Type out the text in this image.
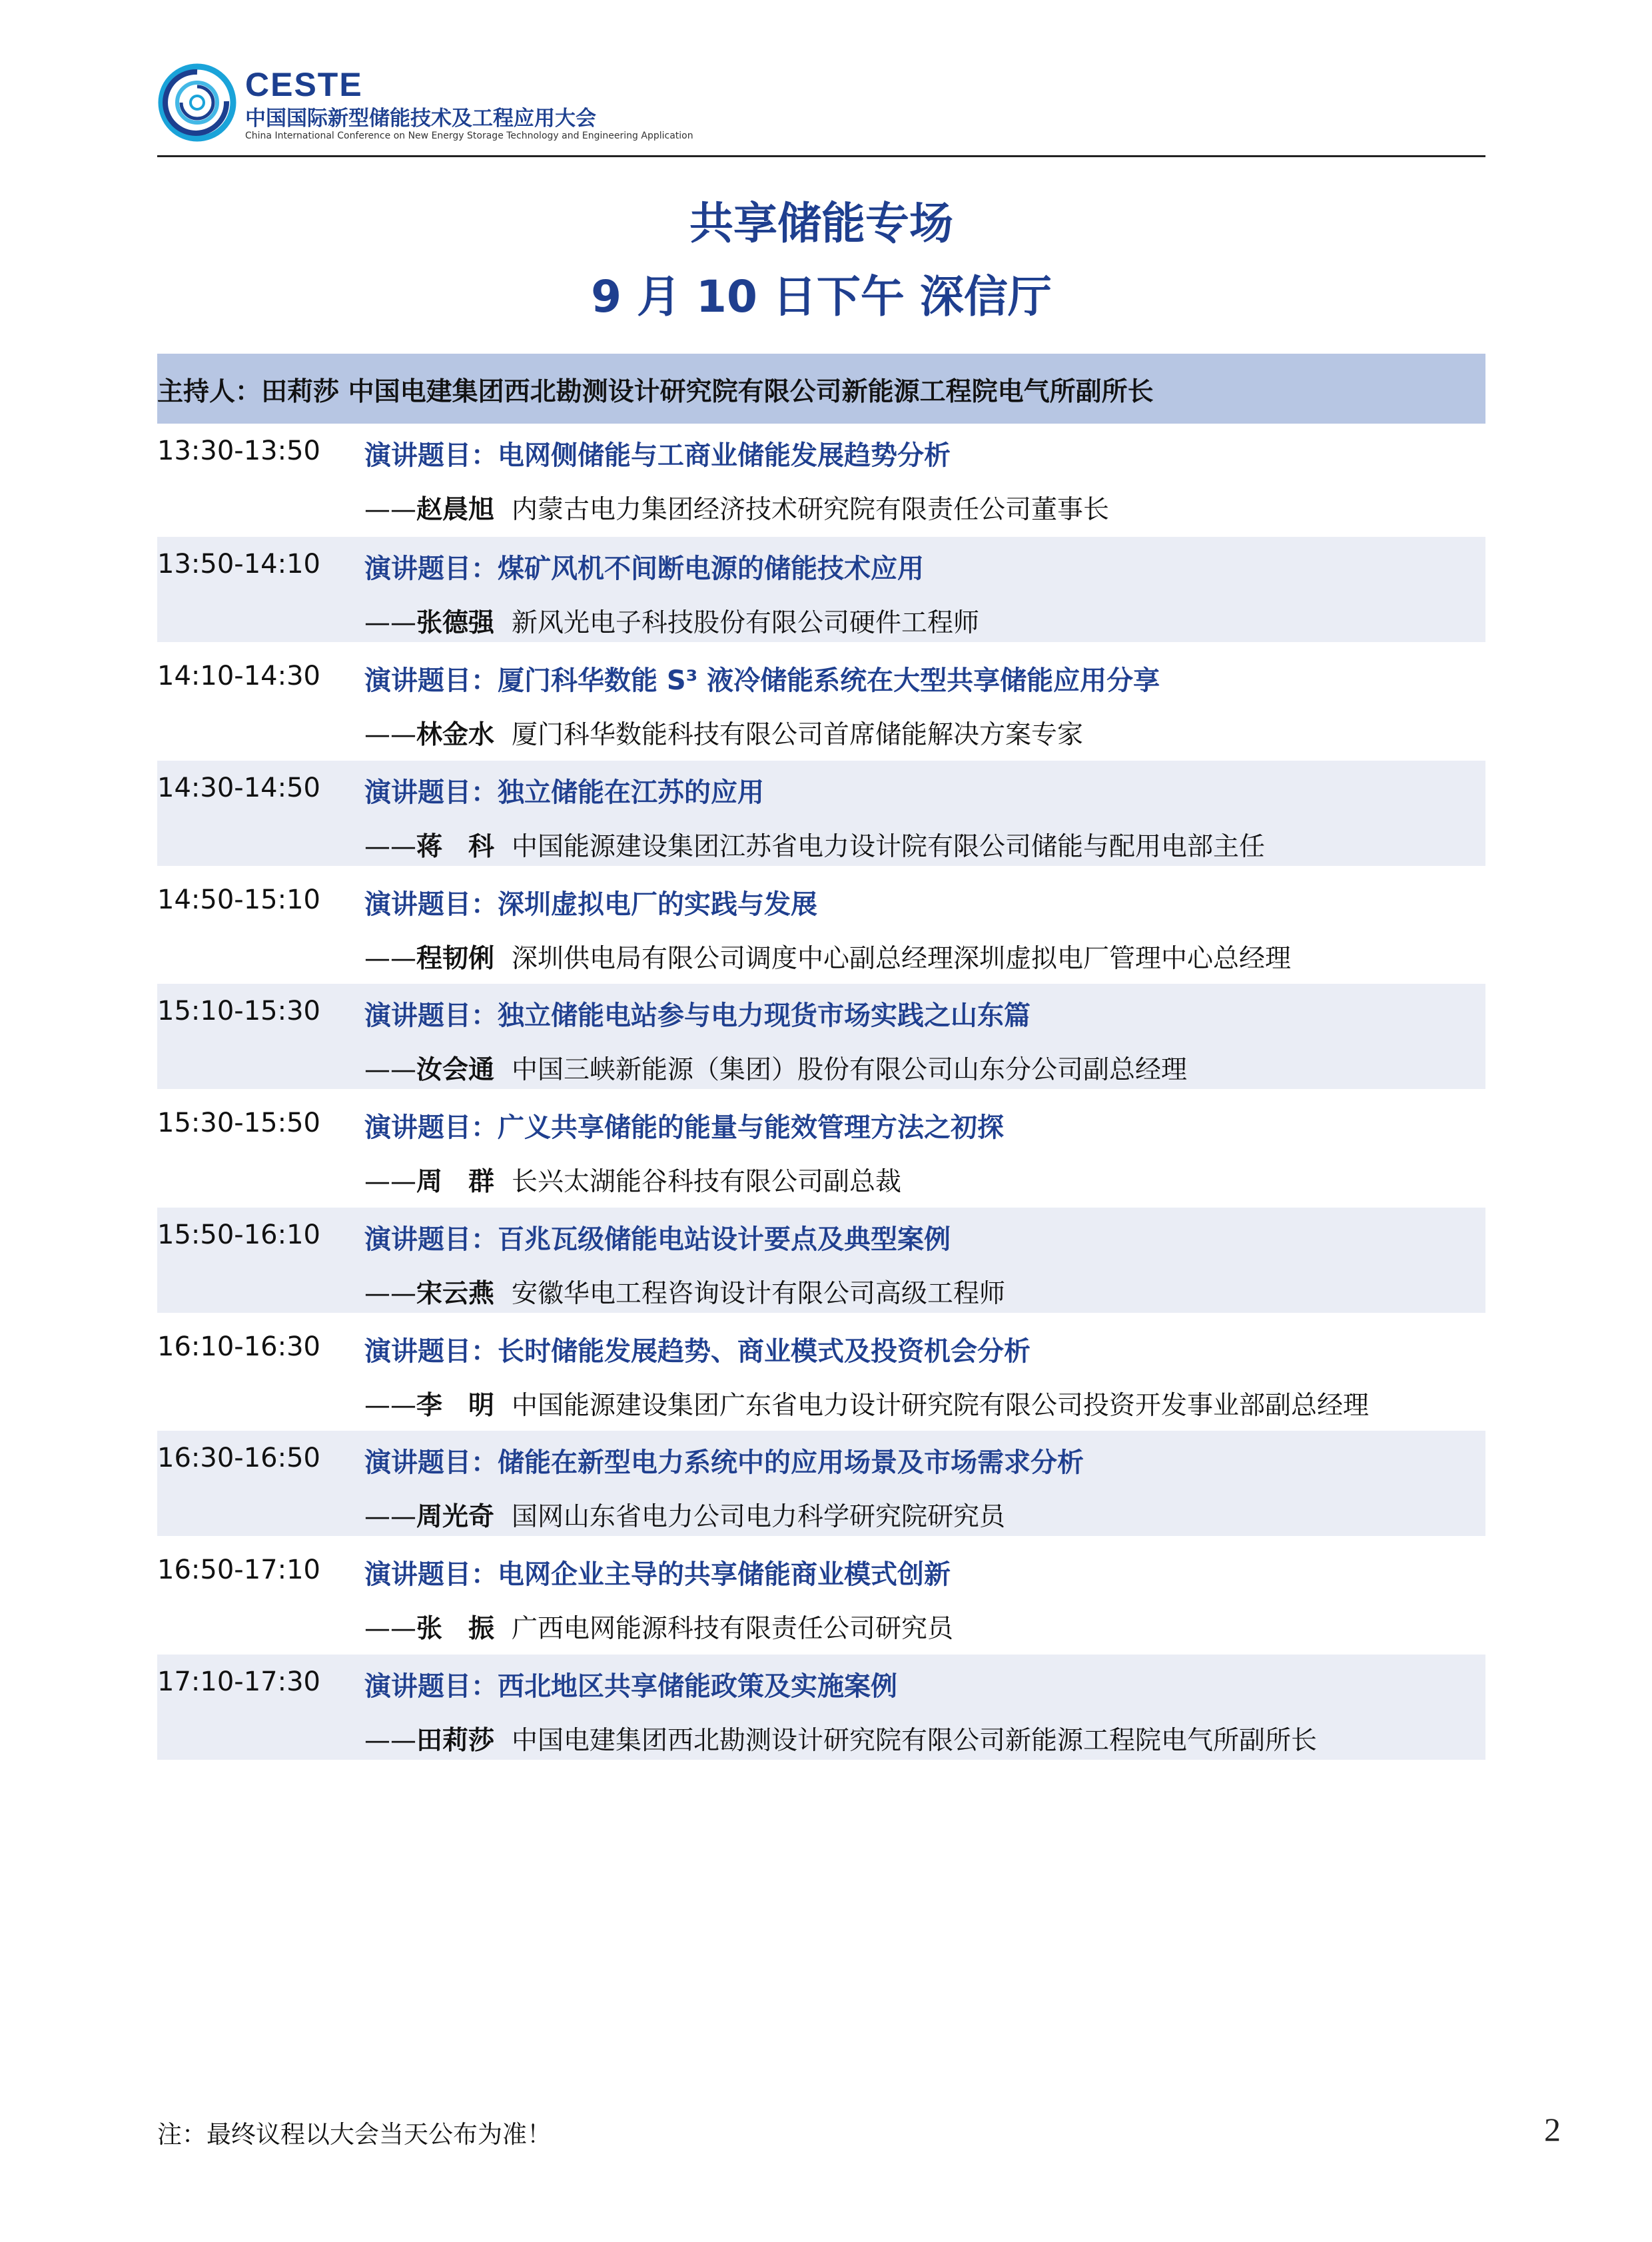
CESTE
中国国际新型储能技术及工程应用大会
China International Conference on New Energy Storage Technology and Engineering Application
共享储能专场
9 月 10 日下午 深信厅
主持人：田莉莎 中国电建集团西北勘测设计研究院有限公司新能源工程院电气所副所长
13:30-13:50 演讲题目：电网侧储能与工商业储能发展趋势分析
——赵晨旭 内蒙古电力集团经济技术研究院有限责任公司董事长
13:50-14:10 演讲题目：煤矿风机不间断电源的储能技术应用
——张德强 新风光电子科技股份有限公司硬件工程师
14:10-14:30 演讲题目：厦门科华数能 S³ 液冷储能系统在大型共享储能应用分享
——林金水 厦门科华数能科技有限公司首席储能解决方案专家
14:30-14:50 演讲题目：独立储能在江苏的应用
——蒋　科 中国能源建设集团江苏省电力设计院有限公司储能与配用电部主任
14:50-15:10 演讲题目：深圳虚拟电厂的实践与发展
——程韧俐 深圳供电局有限公司调度中心副总经理深圳虚拟电厂管理中心总经理
15:10-15:30 演讲题目：独立储能电站参与电力现货市场实践之山东篇
——汝会通 中国三峡新能源（集团）股份有限公司山东分公司副总经理
15:30-15:50 演讲题目：广义共享储能的能量与能效管理方法之初探
——周　群 长兴太湖能谷科技有限公司副总裁
15:50-16:10 演讲题目：百兆瓦级储能电站设计要点及典型案例
——宋云燕 安徽华电工程咨询设计有限公司高级工程师
16:10-16:30 演讲题目：长时储能发展趋势、商业模式及投资机会分析
——李　明 中国能源建设集团广东省电力设计研究院有限公司投资开发事业部副总经理
16:30-16:50 演讲题目：储能在新型电力系统中的应用场景及市场需求分析
——周光奇 国网山东省电力公司电力科学研究院研究员
16:50-17:10 演讲题目：电网企业主导的共享储能商业模式创新
——张　振 广西电网能源科技有限责任公司研究员
17:10-17:30 演讲题目：西北地区共享储能政策及实施案例
——田莉莎 中国电建集团西北勘测设计研究院有限公司新能源工程院电气所副所长
注：最终议程以大会当天公布为准！	2
